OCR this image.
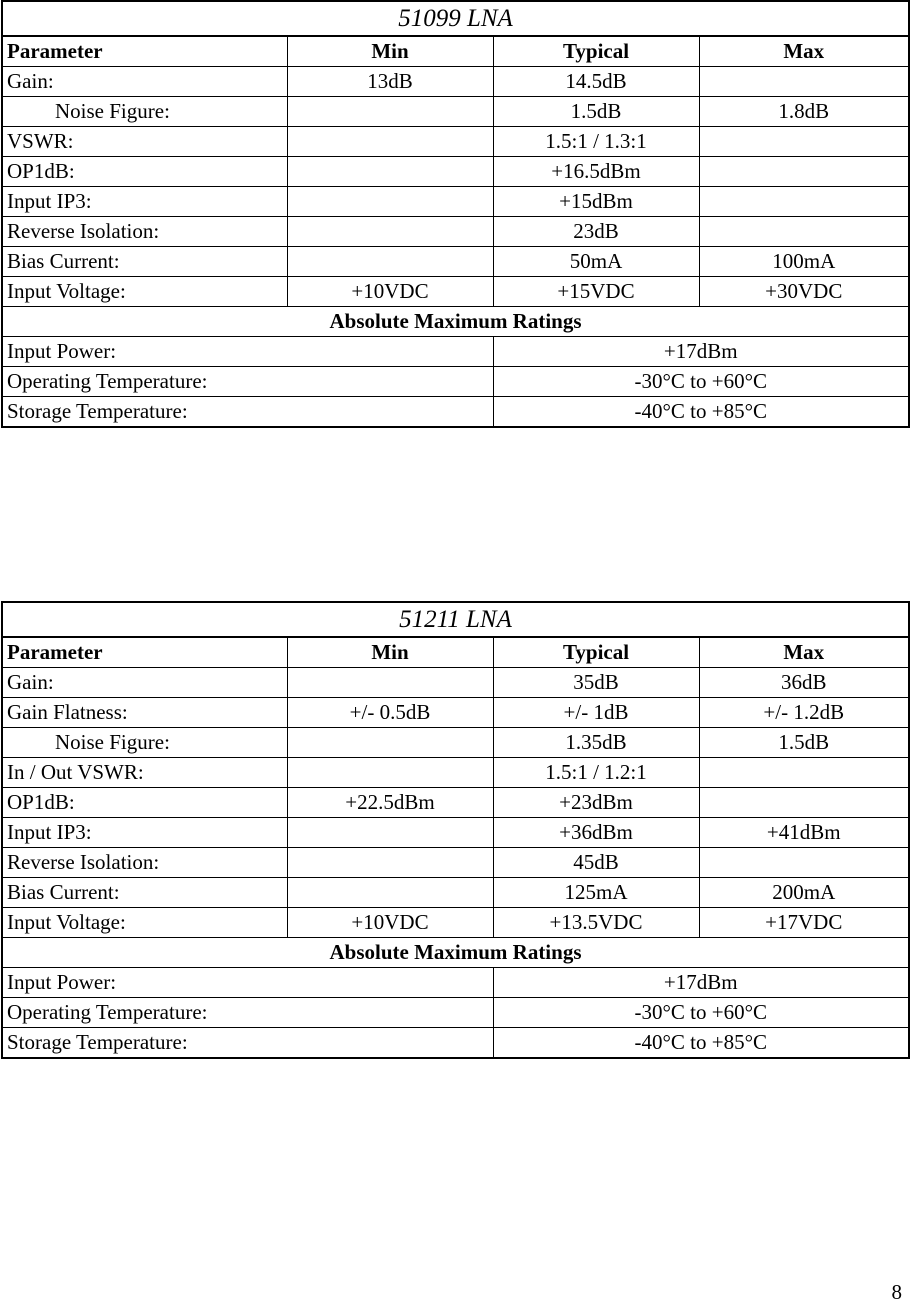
51099 LNA			
Parameter	Min	Typical	Max
Gain:	13dB	14.5dB	
Noise Figure:		1.5dB	1.8dB
VSWR:		1.5:1 / 1.3:1	
OP1dB:		+16.5dBm	
Input IP3:		+15dBm	
Reverse Isolation:		23dB	
Bias Current:		50mA	100mA
Input Voltage:	+10VDC	+15VDC	+30VDC
Absolute Maximum Ratings			
Input Power:		+17dBm	
Operating Temperature:		-30°C to +60°C	
Storage Temperature:		-40°C to +85°C	
51211 LNA			
Parameter	Min	Typical	Max
Gain:		35dB	36dB
Gain Flatness:	+/- 0.5dB	+/- 1dB	+/- 1.2dB
Noise Figure:		1.35dB	1.5dB
In / Out VSWR:		1.5:1 / 1.2:1	
OP1dB:	+22.5dBm	+23dBm	
Input IP3:		+36dBm	+41dBm
Reverse Isolation:		45dB	
Bias Current:		125mA	200mA
Input Voltage:	+10VDC	+13.5VDC	+17VDC
Absolute Maximum Ratings			
Input Power:		+17dBm	
Operating Temperature:		-30°C to +60°C	
Storage Temperature:		-40°C to +85°C	
8
